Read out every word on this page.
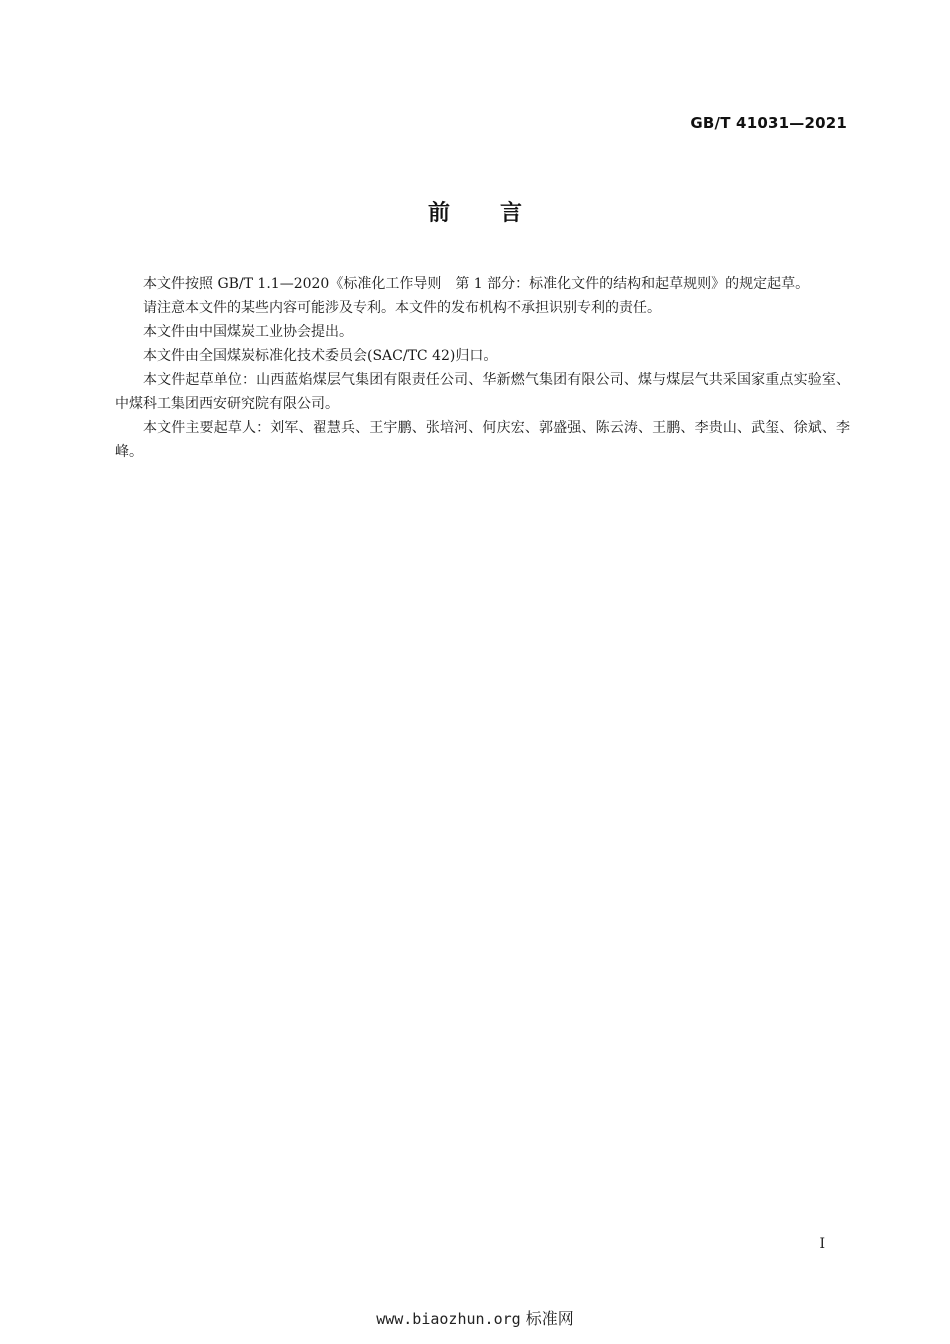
GB/T 41031—2021
前言

本文件按照 GB/T 1.1—2020《标准化工作导则　第 1 部分：标准化文件的结构和起草规则》的规定起草。

请注意本文件的某些内容可能涉及专利。本文件的发布机构不承担识别专利的责任。

本文件由中国煤炭工业协会提出。

本文件由全国煤炭标准化技术委员会(SAC/TC 42)归口。

本文件起草单位：山西蓝焰煤层气集团有限责任公司、华新燃气集团有限公司、煤与煤层气共采国家重点实验室、中煤科工集团西安研究院有限公司。

本文件主要起草人：刘军、翟慧兵、王宇鹏、张培河、何庆宏、郭盛强、陈云涛、王鹏、李贵山、武玺、徐斌、李峰。

I
www.biaozhun.org 标准网
